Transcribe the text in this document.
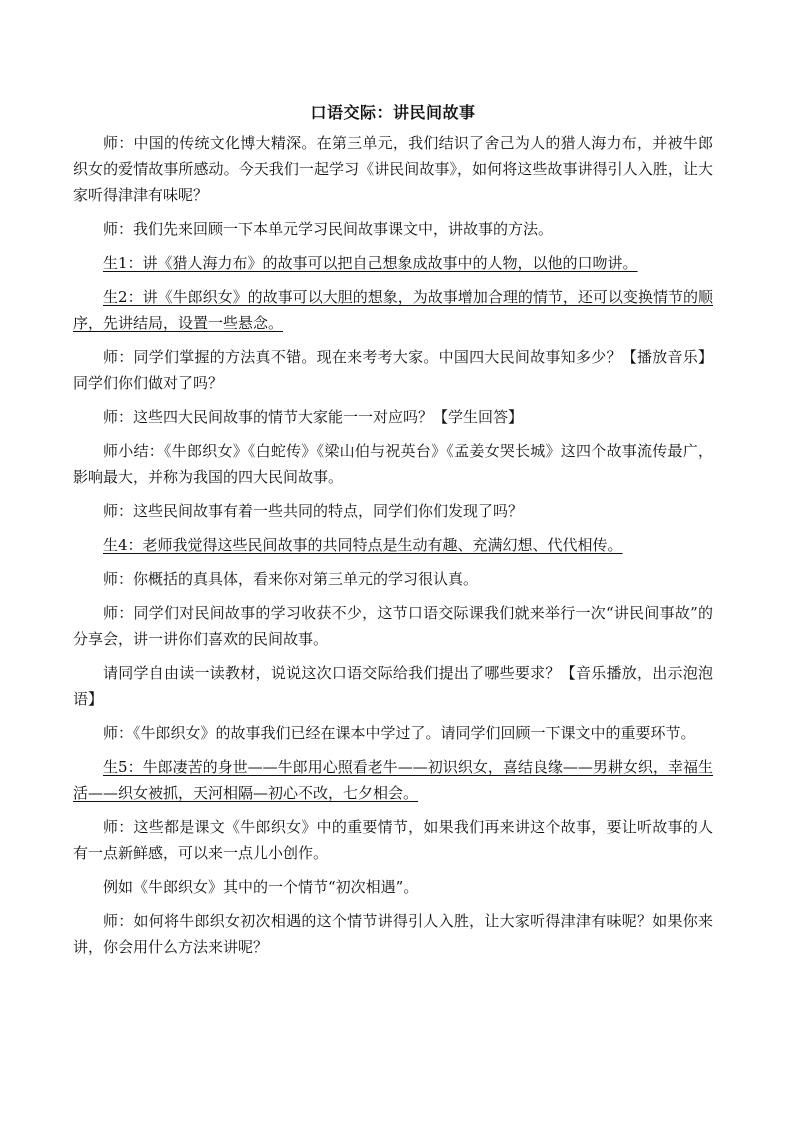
口语交际：讲民间故事

师：中国的传统文化博大精深。在第三单元，我们结识了舍己为人的猎人海力布，并被牛郎织女的爱情故事所感动。今天我们一起学习《讲民间故事》，如何将这些故事讲得引人入胜，让大家听得津津有味呢？

师：我们先来回顾一下本单元学习民间故事课文中，讲故事的方法。

生1：讲《猎人海力布》的故事可以把自己想象成故事中的人物，以他的口吻讲。

生2：讲《牛郎织女》的故事可以大胆的想象，为故事增加合理的情节，还可以变换情节的顺序，先讲结局，设置一些悬念。

师：同学们掌握的方法真不错。现在来考考大家。中国四大民间故事知多少？【播放音乐】同学们你们做对了吗？

师：这些四大民间故事的情节大家能一一对应吗？【学生回答】

师小结：《牛郎织女》《白蛇传》《梁山伯与祝英台》《孟姜女哭长城》这四个故事流传最广，影响最大，并称为我国的四大民间故事。

师：这些民间故事有着一些共同的特点，同学们你们发现了吗？

生4：老师我觉得这些民间故事的共同特点是生动有趣、充满幻想、代代相传。

师：你概括的真具体，看来你对第三单元的学习很认真。

师：同学们对民间故事的学习收获不少，这节口语交际课我们就来举行一次“讲民间事故”的分享会，讲一讲你们喜欢的民间故事。

请同学自由读一读教材，说说这次口语交际给我们提出了哪些要求？【音乐播放，出示泡泡语】

师：《牛郎织女》的故事我们已经在课本中学过了。请同学们回顾一下课文中的重要环节。

生5：牛郎凄苦的身世——牛郎用心照看老牛——初识织女，喜结良缘——男耕女织，幸福生活——织女被抓，天河相隔—初心不改，七夕相会。

师：这些都是课文《牛郎织女》中的重要情节，如果我们再来讲这个故事，要让听故事的人有一点新鲜感，可以来一点儿小创作。

例如《牛郎织女》其中的一个情节“初次相遇”。

师：如何将牛郎织女初次相遇的这个情节讲得引人入胜，让大家听得津津有味呢？如果你来讲，你会用什么方法来讲呢？
